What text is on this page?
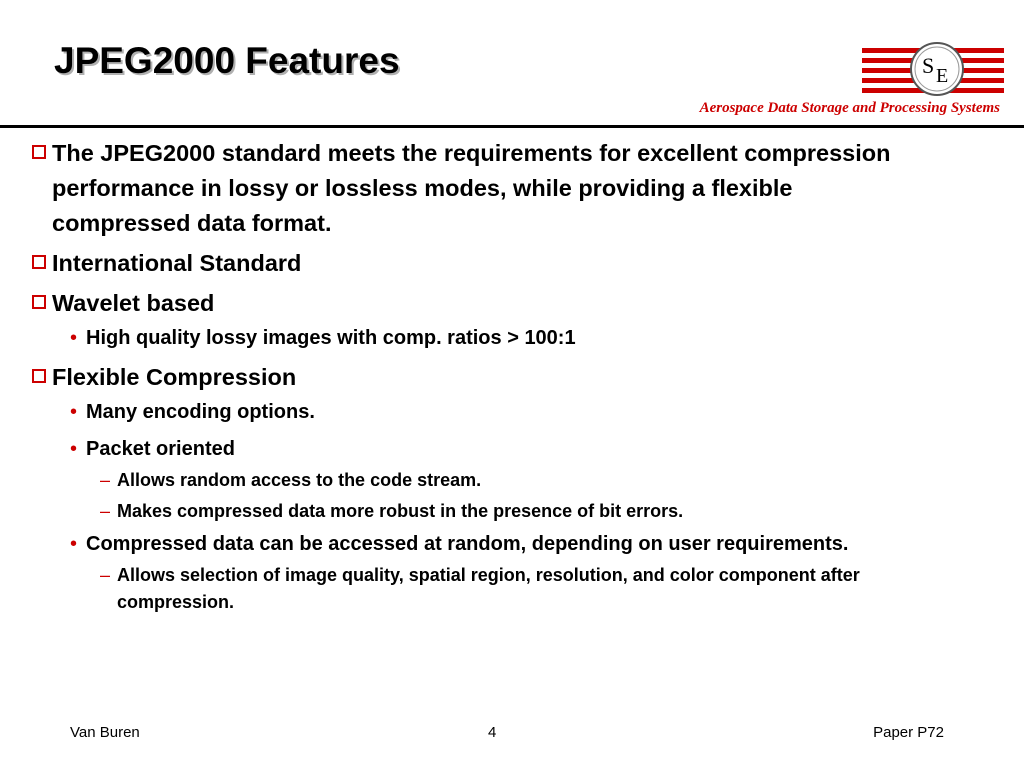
JPEG2000 Features	S E
Aerospace Data Storage and Processing Systems
The JPEG2000 standard meets the requirements for excellent compression performance in lossy or lossless modes, while providing a flexible compressed data format.
International Standard
Wavelet based
• High quality lossy images with comp. ratios > 100:1
Flexible Compression
• Many encoding options.
• Packet oriented
– Allows random access to the code stream.
– Makes compressed data more robust in the presence of bit errors.
• Compressed data can be accessed at random, depending on user requirements.
– Allows selection of image quality, spatial region, resolution, and color component after compression.
Van Buren	4	Paper P72
